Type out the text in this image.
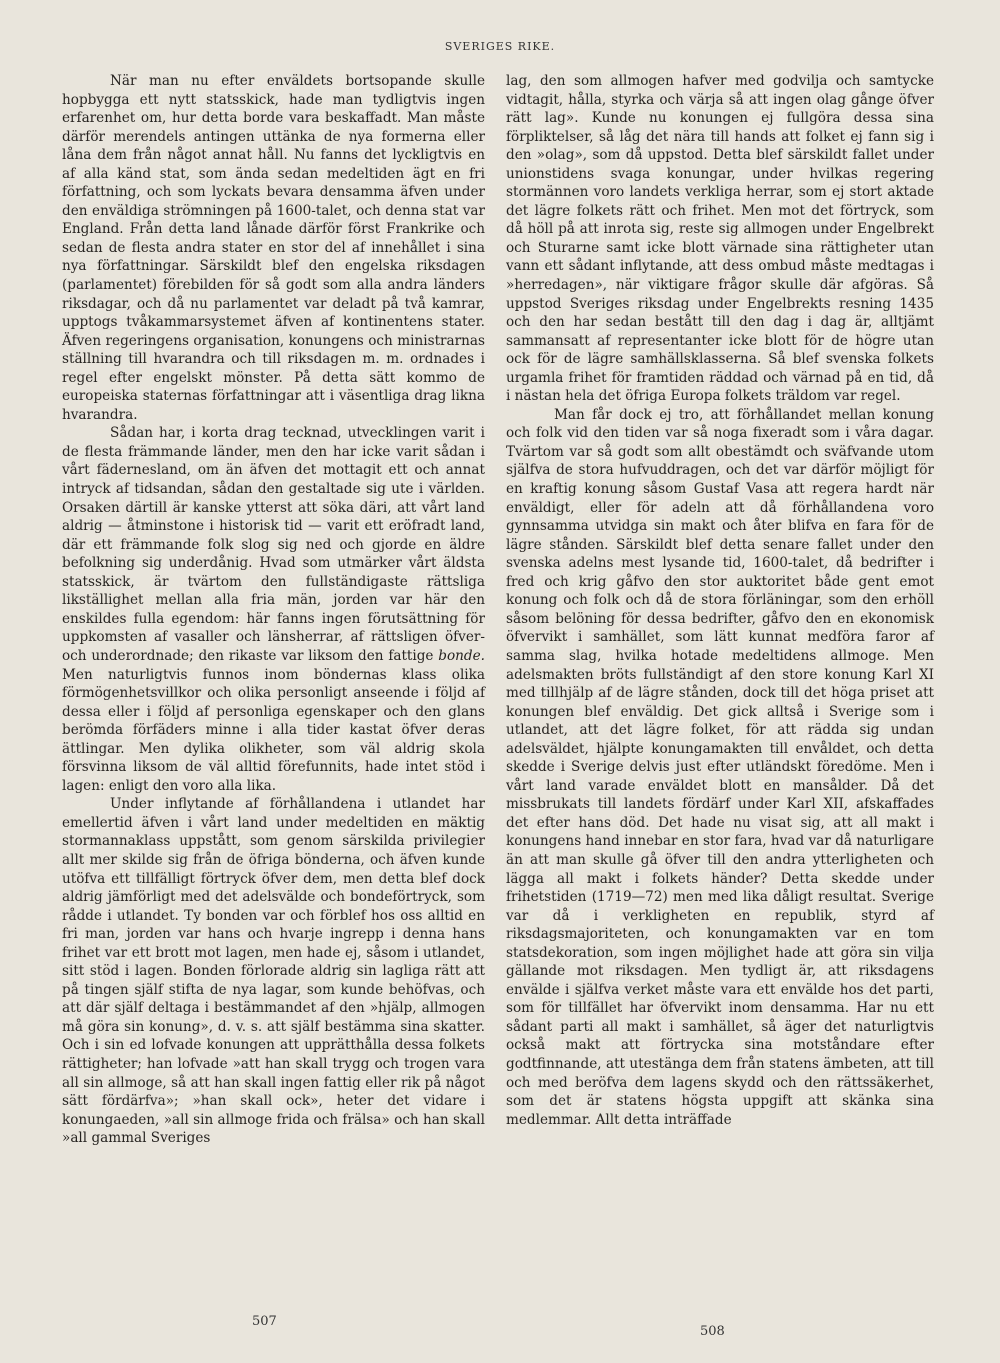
SVERIGES RIKE.

När man nu efter enväldets bortsopande skulle hopbygga ett nytt statsskick, hade man tydligtvis ingen erfarenhet om, hur detta borde vara beskaffadt. Man måste därför merendels antingen uttänka de nya formerna eller låna dem från något annat håll. Nu fanns det lyckligtvis en af alla känd stat, som ända sedan medeltiden ägt en fri författning, och som lyckats bevara densamma äfven under den enväldiga strömningen på 1600-talet, och denna stat var England. Från detta land lånade därför först Frankrike och sedan de flesta andra stater en stor del af innehållet i sina nya författningar. Särskildt blef den engelska riksdagen (parlamentet) förebilden för så godt som alla andra länders riksdagar, och då nu parlamentet var deladt på två kamrar, upptogs tvåkammarsystemet äfven af kontinentens stater. Äfven regeringens organisation, konungens och ministrarnas ställning till hvarandra och till riksdagen m. m. ordnades i regel efter engelskt mönster. På detta sätt kommo de europeiska staternas författningar att i väsentliga drag likna hvarandra.

Sådan har, i korta drag tecknad, utvecklingen varit i de flesta främmande länder, men den har icke varit sådan i vårt fädernesland, om än äfven det mottagit ett och annat intryck af tidsandan, sådan den gestaltade sig ute i världen. Orsaken därtill är kanske ytterst att söka däri, att vårt land aldrig — åtminstone i historisk tid — varit ett eröfradt land, där ett främmande folk slog sig ned och gjorde en äldre befolkning sig underdånig. Hvad som utmärker vårt äldsta statsskick, är tvärtom den fullständigaste rättsliga likställighet mellan alla fria män, jorden var här den enskildes fulla egendom: här fanns ingen förutsättning för uppkomsten af vasaller och länsherrar, af rättsligen öfver- och underordnade; den rikaste var liksom den fattige bonde. Men naturligtvis funnos inom böndernas klass olika förmögenhetsvillkor och olika personligt anseende i följd af dessa eller i följd af personliga egenskaper och den glans berömda förfäders minne i alla tider kastat öfver deras ättlingar. Men dylika olikheter, som väl aldrig skola försvinna liksom de väl alltid förefunnits, hade intet stöd i lagen: enligt den voro alla lika.

Under inflytande af förhållandena i utlandet har emellertid äfven i vårt land under medeltiden en mäktig stormannaklass uppstått, som genom särskilda privilegier allt mer skilde sig från de öfriga bönderna, och äfven kunde utöfva ett tillfälligt förtryck öfver dem, men detta blef dock aldrig jämförligt med det adelsvälde och bondeförtryck, som rådde i utlandet. Ty bonden var och förblef hos oss alltid en fri man, jorden var hans och hvarje ingrepp i denna hans frihet var ett brott mot lagen, men hade ej, såsom i utlandet, sitt stöd i lagen. Bonden förlorade aldrig sin lagliga rätt att på tingen själf stifta de nya lagar, som kunde behöfvas, och att där själf deltaga i bestämmandet af den »hjälp, allmogen må göra sin konung», d. v. s. att själf bestämma sina skatter. Och i sin ed lofvade konungen att upprätthålla dessa folkets rättigheter; han lofvade »att han skall trygg och trogen vara all sin allmoge, så att han skall ingen fattig eller rik på något sätt fördärfva»; »han skall ock», heter det vidare i konungaeden, »all sin allmoge frida och frälsa» och han skall »all gammal Sveriges

lag, den som allmogen hafver med godvilja och samtycke vidtagit, hålla, styrka och värja så att ingen olag gånge öfver rätt lag». Kunde nu konungen ej fullgöra dessa sina förpliktelser, så låg det nära till hands att folket ej fann sig i den »olag», som då uppstod. Detta blef särskildt fallet under unionstidens svaga konungar, under hvilkas regering stormännen voro landets verkliga herrar, som ej stort aktade det lägre folkets rätt och frihet. Men mot det förtryck, som då höll på att inrota sig, reste sig allmogen under Engelbrekt och Sturarne samt icke blott värnade sina rättigheter utan vann ett sådant inflytande, att dess ombud måste medtagas i »herredagen», när viktigare frågor skulle där afgöras. Så uppstod Sveriges riksdag under Engelbrekts resning 1435 och den har sedan bestått till den dag i dag är, alltjämt sammansatt af representanter icke blott för de högre utan ock för de lägre samhällsklasserna. Så blef svenska folkets urgamla frihet för framtiden räddad och värnad på en tid, då i nästan hela det öfriga Europa folkets träldom var regel.

Man får dock ej tro, att förhållandet mellan konung och folk vid den tiden var så noga fixeradt som i våra dagar. Tvärtom var så godt som allt obestämdt och sväfvande utom själfva de stora hufvuddragen, och det var därför möjligt för en kraftig konung såsom Gustaf Vasa att regera hardt när enväldigt, eller för adeln att då förhållandena voro gynnsamma utvidga sin makt och åter blifva en fara för de lägre stånden. Särskildt blef detta senare fallet under den svenska adelns mest lysande tid, 1600-talet, då bedrifter i fred och krig gåfvo den stor auktoritet både gent emot konung och folk och då de stora förläningar, som den erhöll såsom belöning för dessa bedrifter, gåfvo den en ekonomisk öfvervikt i samhället, som lätt kunnat medföra faror af samma slag, hvilka hotade medeltidens allmoge. Men adelsmakten bröts fullständigt af den store konung Karl XI med tillhjälp af de lägre stånden, dock till det höga priset att konungen blef enväldig. Det gick alltså i Sverige som i utlandet, att det lägre folket, för att rädda sig undan adelsväldet, hjälpte konungamakten till envåldet, och detta skedde i Sverige delvis just efter utländskt föredöme. Men i vårt land varade enväldet blott en mansålder. Då det missbrukats till landets fördärf under Karl XII, afskaffades det efter hans död. Det hade nu visat sig, att all makt i konungens hand innebar en stor fara, hvad var då naturligare än att man skulle gå öfver till den andra ytterligheten och lägga all makt i folkets händer? Detta skedde under frihetstiden (1719—72) men med lika dåligt resultat. Sverige var då i verkligheten en republik, styrd af riksdagsmajoriteten, och konungamakten var en tom statsdekoration, som ingen möjlighet hade att göra sin vilja gällande mot riksdagen. Men tydligt är, att riksdagens envälde i själfva verket måste vara ett envälde hos det parti, som för tillfället har öfvervikt inom densamma. Har nu ett sådant parti all makt i samhället, så äger det naturligtvis också makt att förtrycka sina motståndare efter godtfinnande, att utestänga dem från statens ämbeten, att till och med beröfva dem lagens skydd och den rättssäkerhet, som det är statens högsta uppgift att skänka sina medlemmar. Allt detta inträffade

507
508
